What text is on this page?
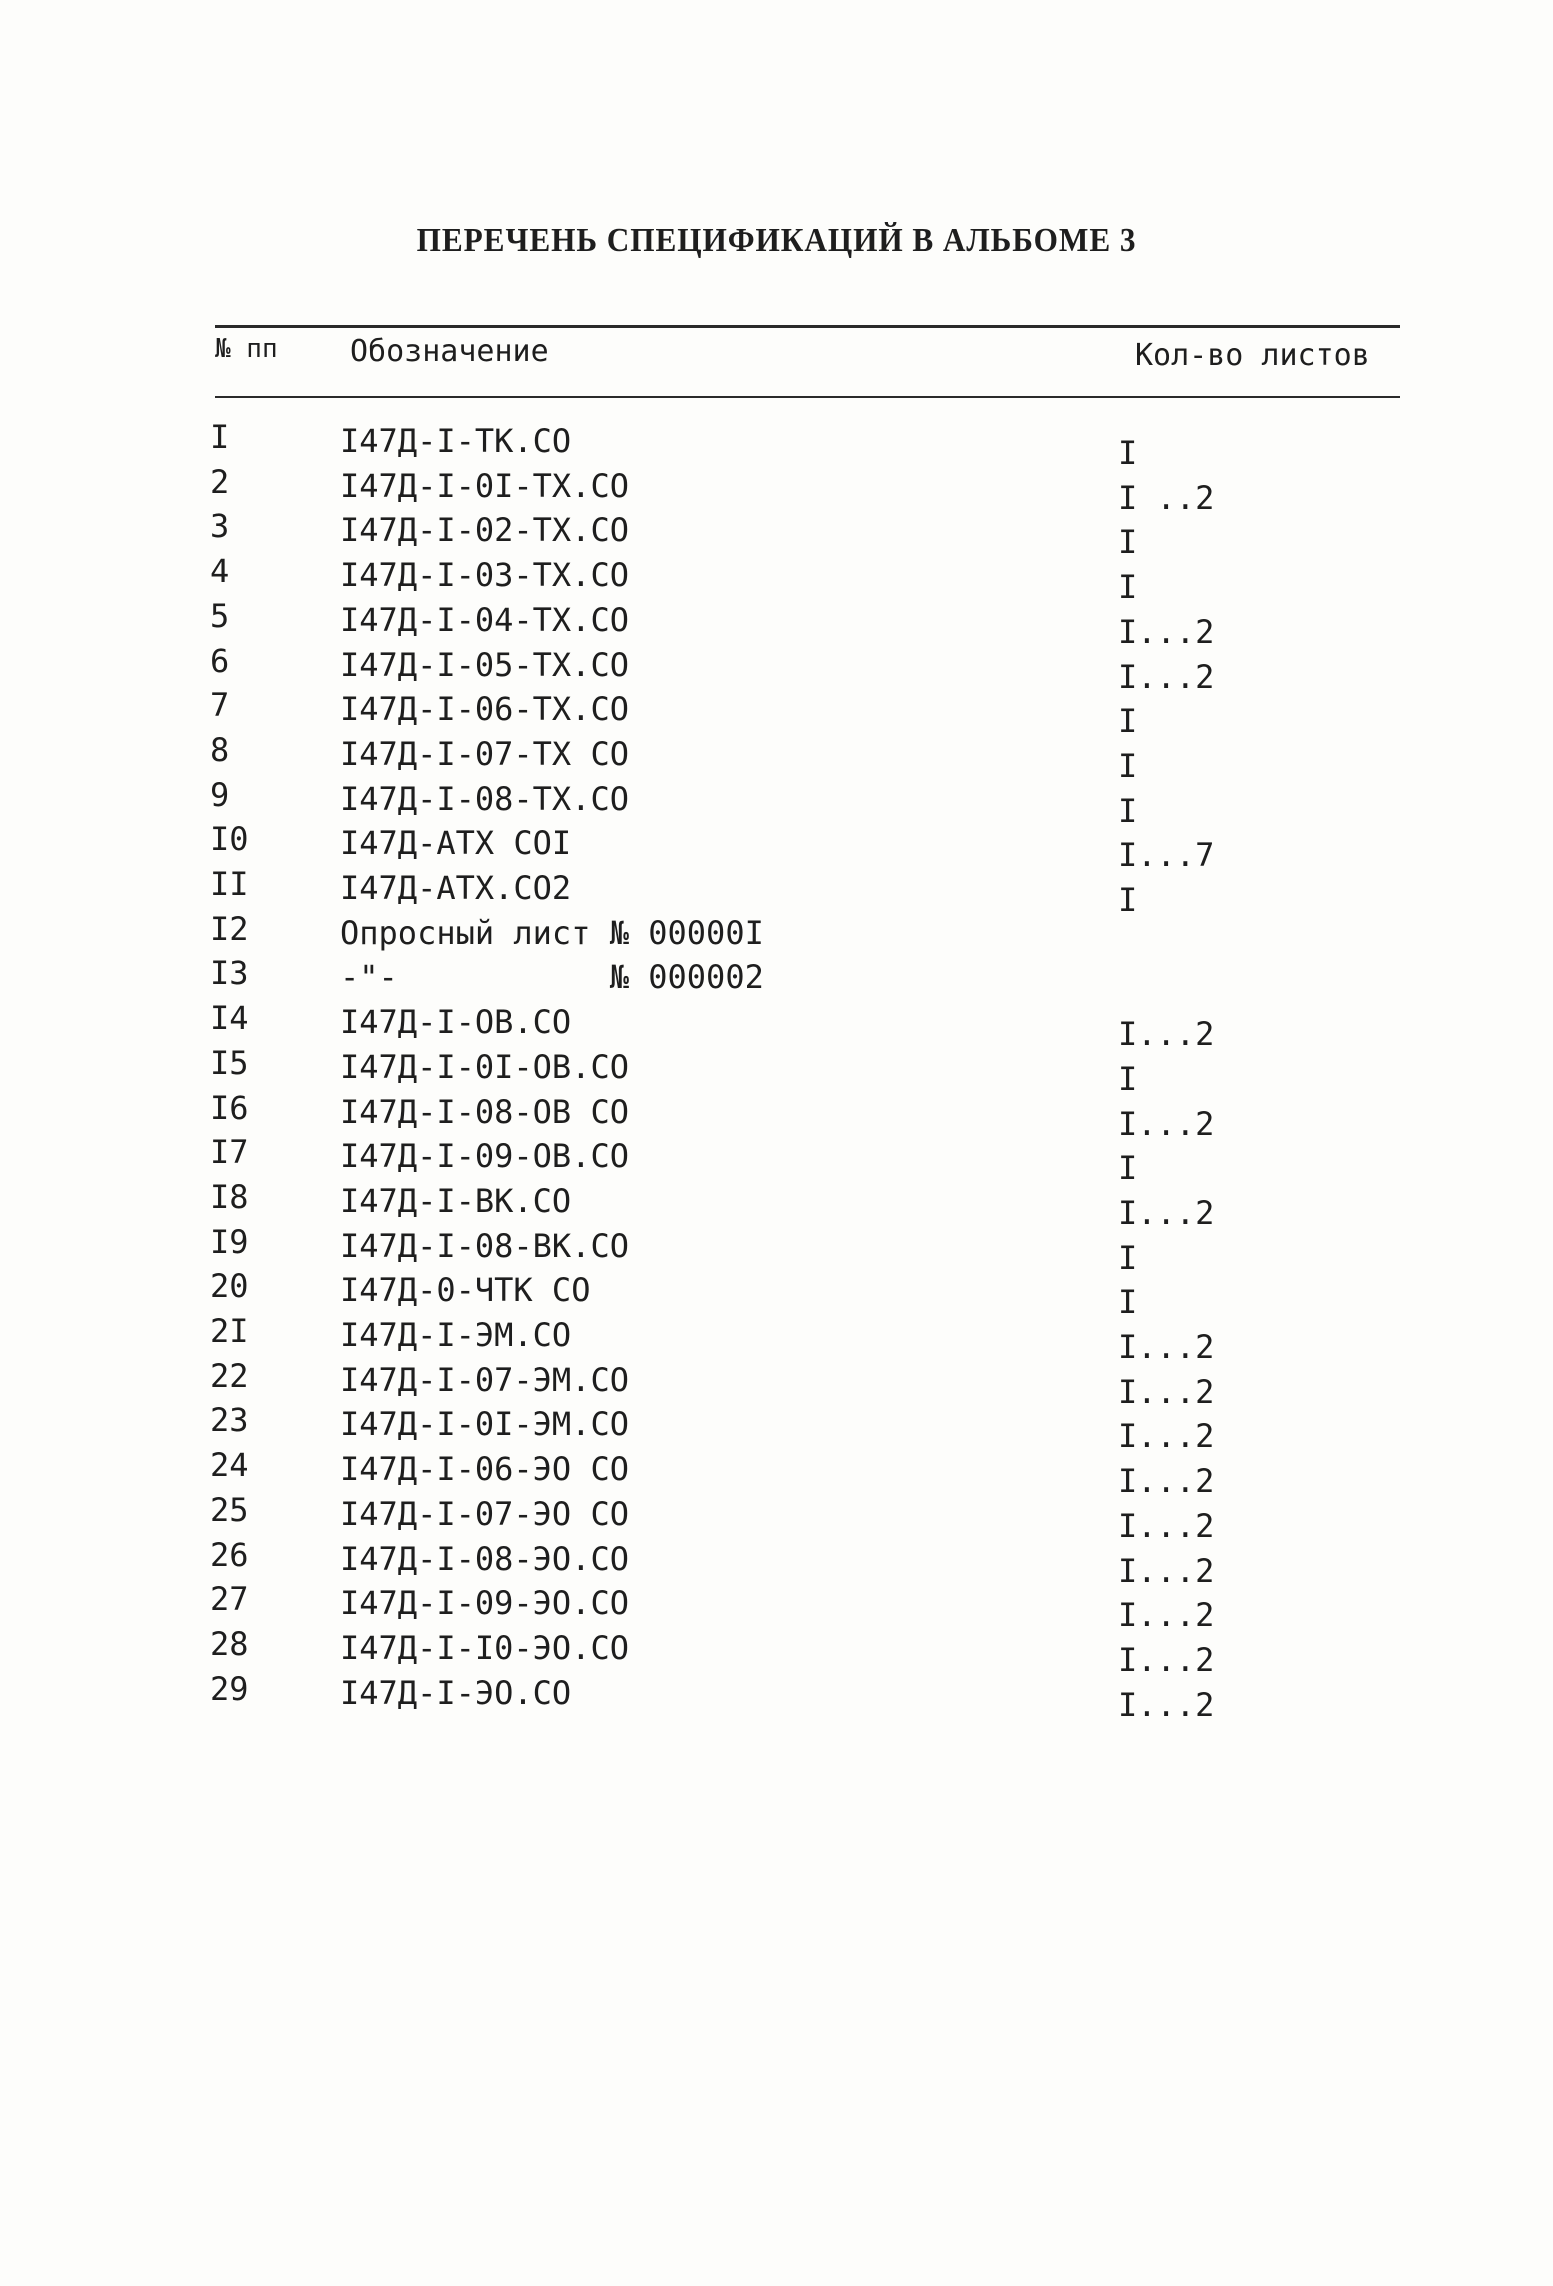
ПЕРЕЧЕНЬ СПЕЦИФИКАЦИЙ В АЛЬБОМЕ 3
№ пп Обозначение	Кол-во листов
I	I47Д-I-ТК.СО	I
2	I47Д-I-0I-ТХ.СО	I ..2
3	I47Д-I-02-ТХ.СО	I
4	I47Д-I-03-ТХ.СО	I
5	I47Д-I-04-ТХ.СО	I...2
6	I47Д-I-05-ТХ.СО	I...2
7	I47Д-I-06-ТХ.СО	I
8	I47Д-I-07-ТХ СО	I
9	I47Д-I-08-ТХ.СО	I
I0	I47Д-АТХ СОI	I...7
II	I47Д-АТХ.СО2	I
I2	Опросный лист № 00000I
I3	-"-           № 000002
I4	I47Д-I-ОВ.СО	I...2
I5	I47Д-I-0I-ОВ.СО	I
I6	I47Д-I-08-ОВ СО	I...2
I7	I47Д-I-09-ОВ.СО	I
I8	I47Д-I-ВК.СО	I...2
I9	I47Д-I-08-ВК.СО	I
20	I47Д-0-ЧТК СО	I
2I	I47Д-I-ЭМ.СО	I...2
22	I47Д-I-07-ЭМ.СО	I...2
23	I47Д-I-0I-ЭМ.СО	I...2
24	I47Д-I-06-ЭО СО	I...2
25	I47Д-I-07-ЭО СО	I...2
26	I47Д-I-08-ЭО.СО	I...2
27	I47Д-I-09-ЭО.СО	I...2
28	I47Д-I-I0-ЭО.СО	I...2
29	I47Д-I-ЭО.СО	I...2
